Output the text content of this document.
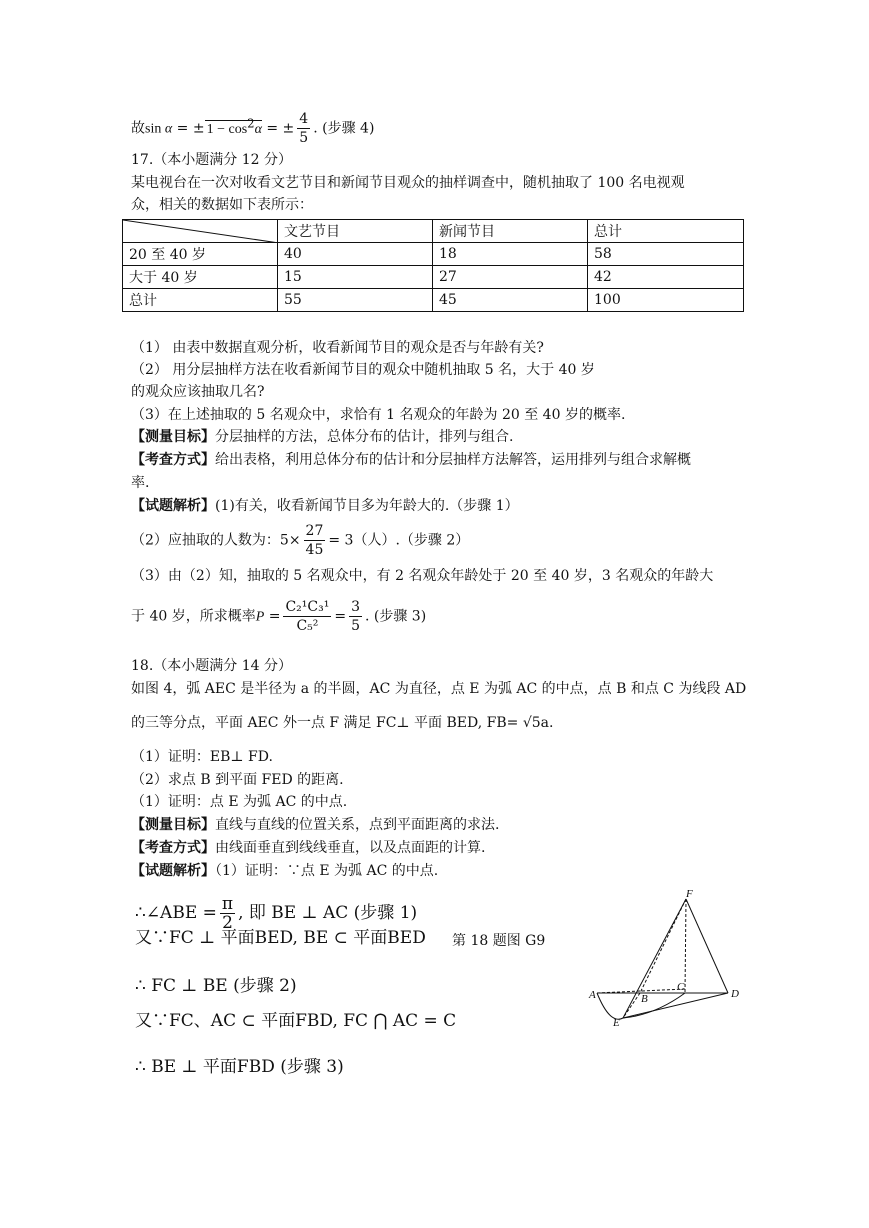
故sin α = ± $1 - \cos^2\alpha$ = ± $\frac{4}{5}$ . (步骤 4)
17.（本小题满分 12 分）
某电视台在一次对收看文艺节目和新闻节目观众的抽样调查中，随机抽取了 100 名电视观
众，相关的数据如下表所示：
	文艺节目	新闻节目	总计
20 至 40 岁	40	18	58
大于 40 岁	15	27	42
总计	55	45	100
（1） 由表中数据直观分析，收看新闻节目的观众是否与年龄有关?
（2） 用分层抽样方法在收看新闻节目的观众中随机抽取 5 名，大于 40 岁
的观众应该抽取几名?
（3）在上述抽取的 5 名观众中，求恰有 1 名观众的年龄为 20 至 40 岁的概率.
【测量目标】分层抽样的方法，总体分布的估计，排列与组合.
【考查方式】给出表格，利用总体分布的估计和分层抽样方法解答，运用排列与组合求解概
率.
【试题解析】(1)有关，收看新闻节目多为年龄大的.（步骤 1）
（2）应抽取的人数为：$5\times \frac{27}{45} = 3$（人）.（步骤 2）
（3）由（2）知，抽取的 5 名观众中，有 2 名观众年龄处于 20 至 40 岁，3 名观众的年龄大
于 40 岁，所求概率$P = \frac{\text{C₂¹C₃¹}}{\text{C₅²}} = \frac{3}{5}$ . (步骤 3)
18.（本小题满分 14 分）
如图 4，弧 AEC 是半径为 a 的半圆，AC 为直径，点 E 为弧 AC 的中点，点 B 和点 C 为线段 AD
的三等分点，平面 AEC 外一点 F 满足 FC⊥ 平面 BED, FB= √5a.
（1）证明：EB⊥ FD.
（2）求点 B 到平面 FED 的距离.
（1）证明：点 E 为弧 AC 的中点.
【测量目标】直线与直线的位置关系，点到平面距离的求法.
【考查方式】由线面垂直到线线垂直，以及点面距的计算.
【试题解析】（1）证明：∵点 E 为弧 AC 的中点.
∴∠ABE = $\frac{\pi}{2}$ , 即 BE ⊥ AC (步骤 1)
又∵FC ⊥ 平面BED, BE ⊂ 平面BED 第 18 题图 G9
∴ FC ⊥ BE (步骤 2)
又∵FC、AC ⊂ 平面FBD, FC ⋂ AC = C
∴ BE ⊥ 平面FBD (步骤 3)
F
A	B
C
D
E
